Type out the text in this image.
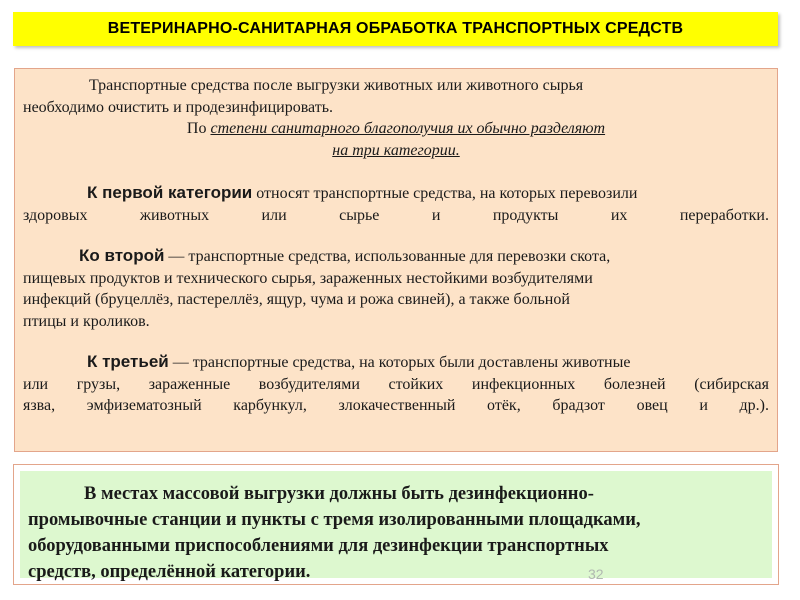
ВЕТЕРИНАРНО-САНИТАРНАЯ ОБРАБОТКА ТРАНСПОРТНЫХ СРЕДСТВ

Транспортные средства после выгрузки животных или животного сырья

необходимо очистить и продезинфицировать.

По степени санитарного благополучия их обычно разделяют

на три категории.

К первой категории относят транспортные средства, на которых перевозили

здоровых животных или сырье и продукты их переработки.

Ко второй — транспортные средства, использованные для перевозки скота,

пищевых продуктов и технического сырья, зараженных нестойкими возбудителями

инфекций (бруцеллёз, пастереллёз, ящур, чума и рожа свиней), а также больной

птицы и кроликов.

К третьей — транспортные средства, на которых были доставлены животные

или грузы, зараженные возбудителями стойких инфекционных болезней (сибирская

язва, эмфизематозный карбункул, злокачественный отёк, брадзот овец и др.).

В местах массовой выгрузки должны быть дезинфекционно-

промывочные станции и пункты с тремя изолированными площадками,

оборудованными приспособлениями для дезинфекции транспортных

средств, определённой категории.	32
